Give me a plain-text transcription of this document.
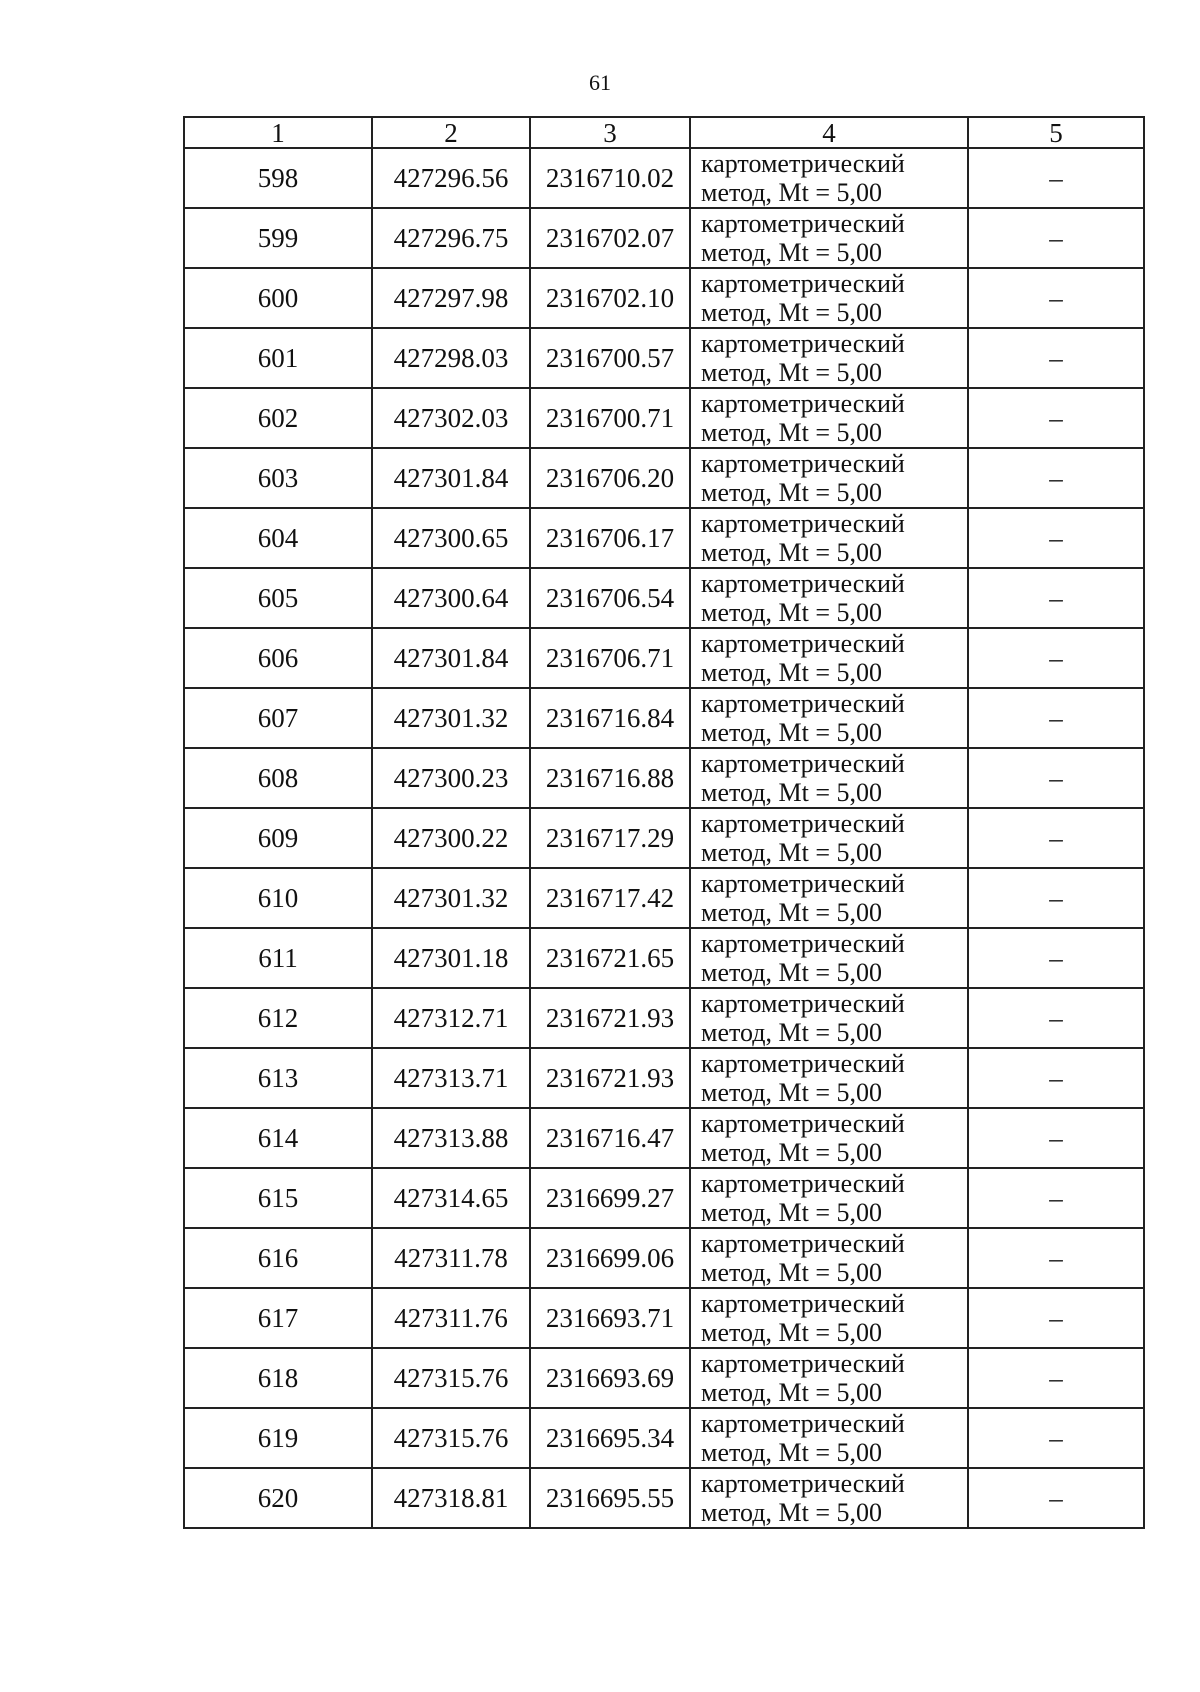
61
1	2	3	4	5
598	427296.56	2316710.02	картометрический
метод, Mt = 5,00	–
599	427296.75	2316702.07	картометрический
метод, Mt = 5,00	–
600	427297.98	2316702.10	картометрический
метод, Mt = 5,00	–
601	427298.03	2316700.57	картометрический
метод, Mt = 5,00	–
602	427302.03	2316700.71	картометрический
метод, Mt = 5,00	–
603	427301.84	2316706.20	картометрический
метод, Mt = 5,00	–
604	427300.65	2316706.17	картометрический
метод, Mt = 5,00	–
605	427300.64	2316706.54	картометрический
метод, Mt = 5,00	–
606	427301.84	2316706.71	картометрический
метод, Mt = 5,00	–
607	427301.32	2316716.84	картометрический
метод, Mt = 5,00	–
608	427300.23	2316716.88	картометрический
метод, Mt = 5,00	–
609	427300.22	2316717.29	картометрический
метод, Mt = 5,00	–
610	427301.32	2316717.42	картометрический
метод, Mt = 5,00	–
611	427301.18	2316721.65	картометрический
метод, Mt = 5,00	–
612	427312.71	2316721.93	картометрический
метод, Mt = 5,00	–
613	427313.71	2316721.93	картометрический
метод, Mt = 5,00	–
614	427313.88	2316716.47	картометрический
метод, Mt = 5,00	–
615	427314.65	2316699.27	картометрический
метод, Mt = 5,00	–
616	427311.78	2316699.06	картометрический
метод, Mt = 5,00	–
617	427311.76	2316693.71	картометрический
метод, Mt = 5,00	–
618	427315.76	2316693.69	картометрический
метод, Mt = 5,00	–
619	427315.76	2316695.34	картометрический
метод, Mt = 5,00	–
620	427318.81	2316695.55	картометрический
метод, Mt = 5,00	–
